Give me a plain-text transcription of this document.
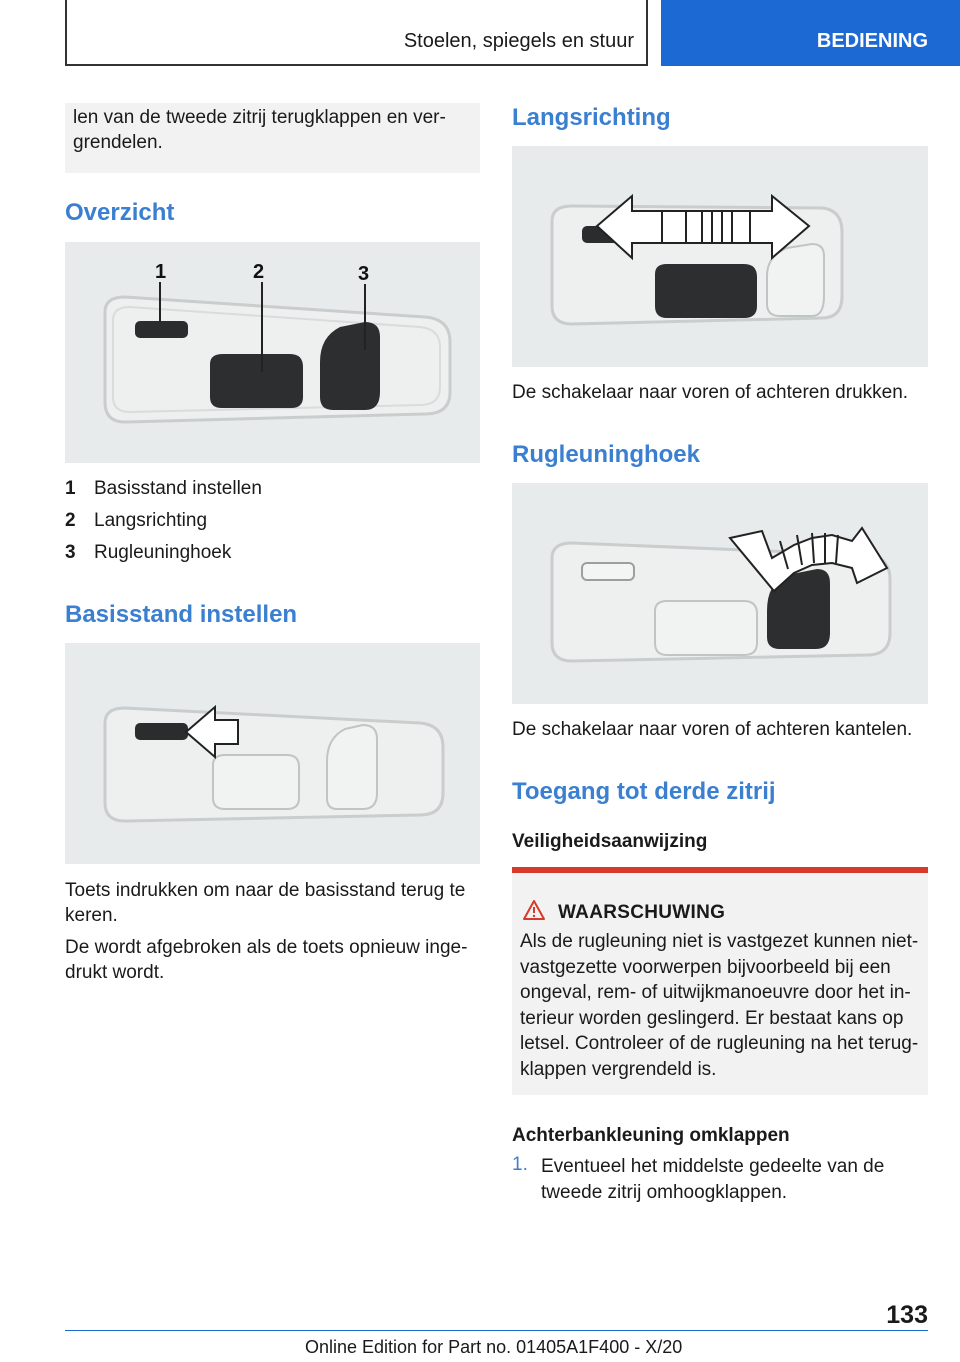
Stoelen, spiegels en stuur	BEDIENING
len van de tweede zitrij terugklappen en vergrendelen.
Overzicht
1	2	3
1 Basisstand instellen
2 Langsrichting
3 Rugleuninghoek
Basisstand instellen
Toets indrukken om naar de basisstand terug te keren.
De wordt afgebroken als de toets opnieuw ingedrukt wordt.
Langsrichting
De schakelaar naar voren of achteren drukken.
Rugleuninghoek
De schakelaar naar voren of achteren kantelen.
Toegang tot derde zitrij
Veiligheidsaanwijzing
WAARSCHUWING
Als de rugleuning niet is vastgezet kunnen niet-vastgezette voorwerpen bijvoorbeeld bij een ongeval, rem- of uitwijkmanoeuvre door het interieur worden geslingerd. Er bestaat kans op letsel. Controleer of de rugleuning na het terugklappen vergrendeld is.
Achterbankleuning omklappen
1. Eventueel het middelste gedeelte van de tweede zitrij omhoogklappen.
133
Online Edition for Part no. 01405A1F400 - X/20
